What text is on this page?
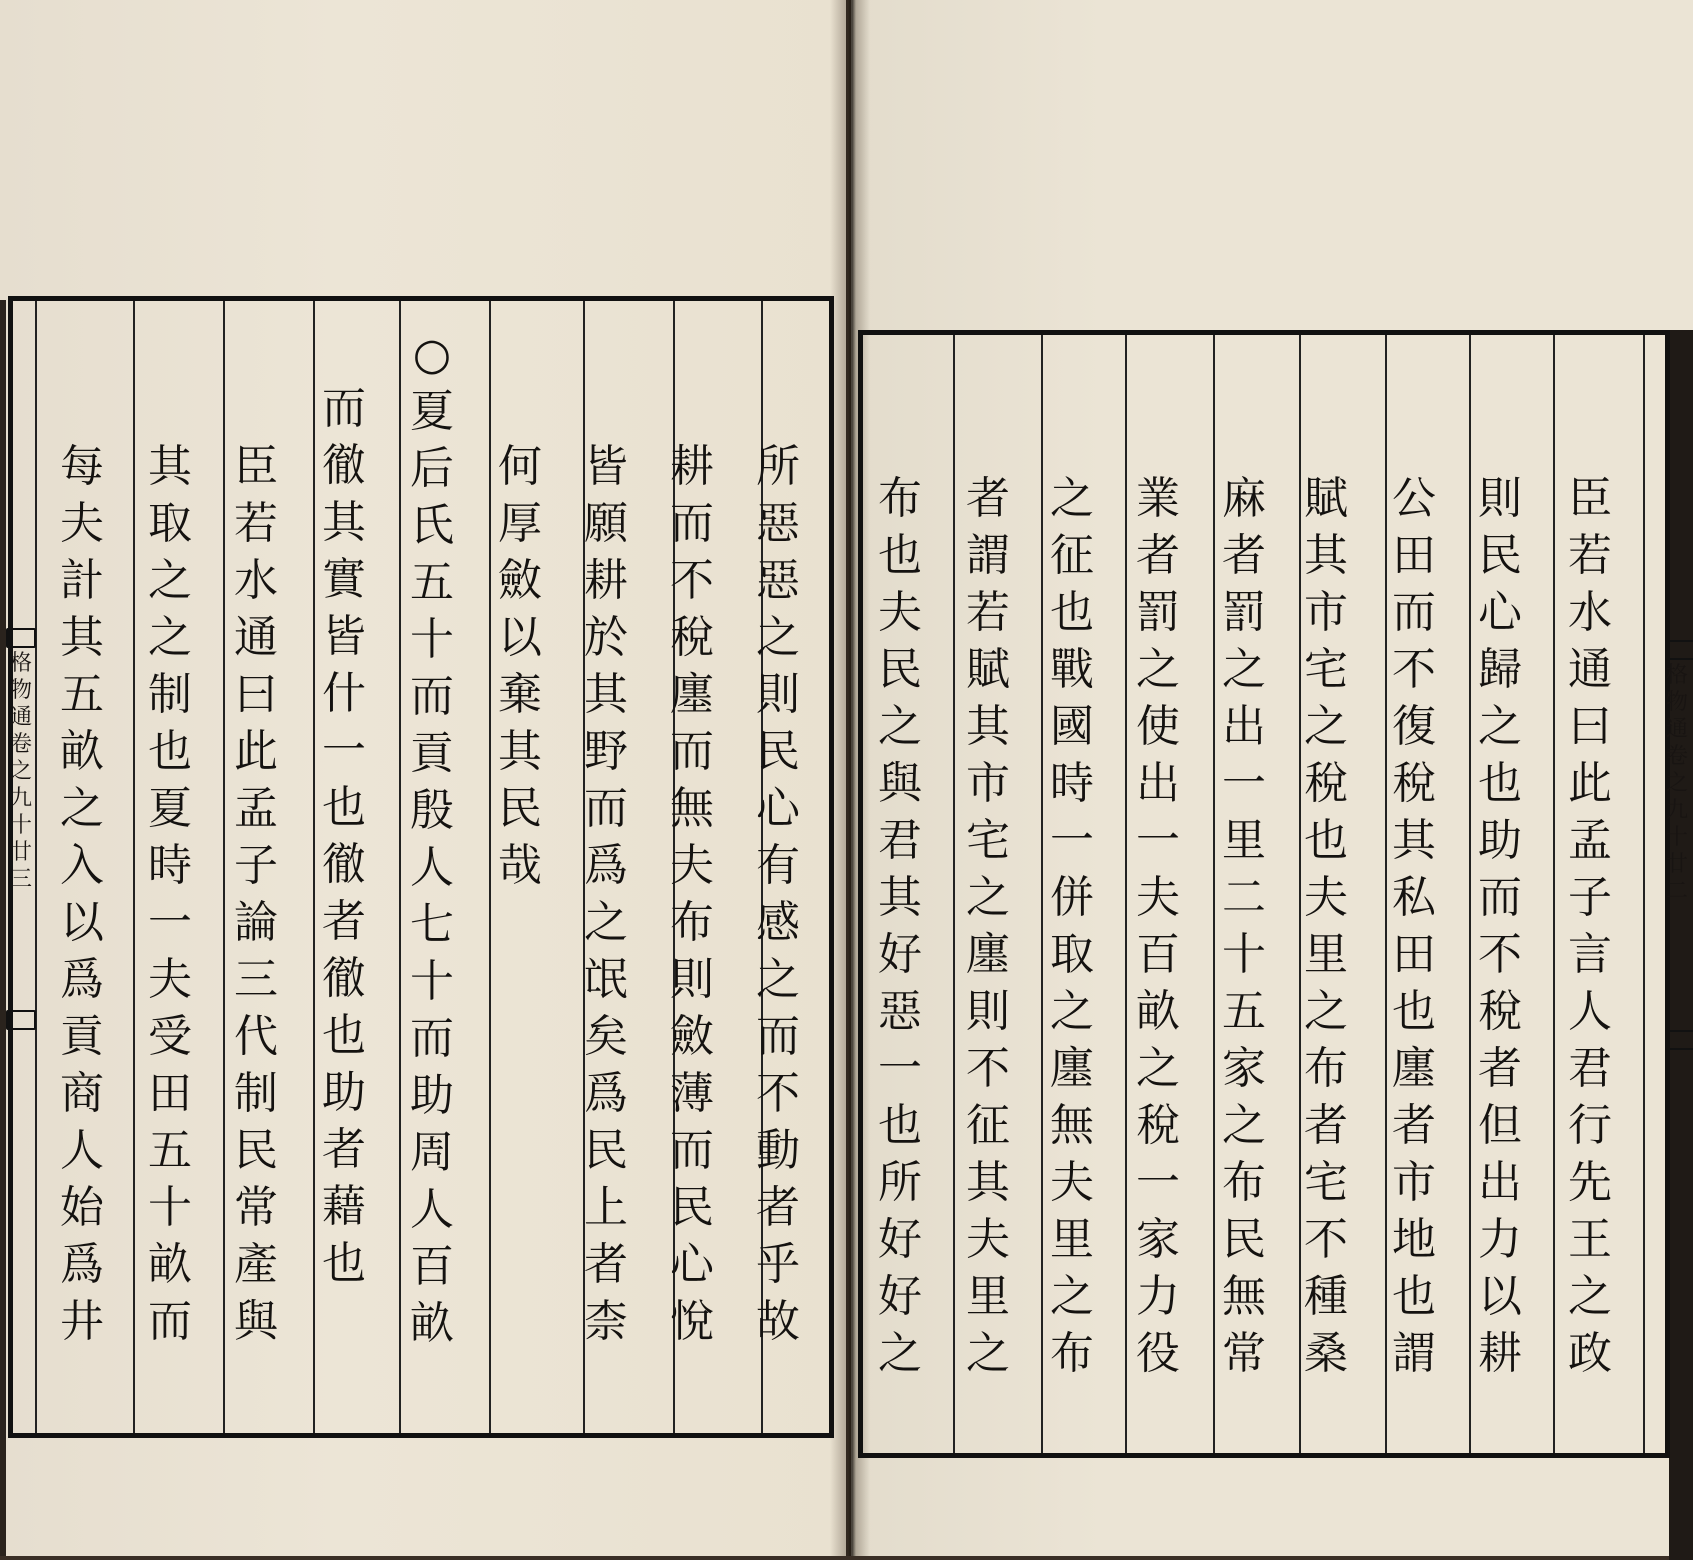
格
物
通
卷
之
九
十
廿
三
格
物
通
卷
之
九
十
廿
二
所
惡
惡
之
則
民
心
有
感
之
而
不
動
者
乎
故
耕
而
不
稅
廛
而
無
夫
布
則
斂
薄
而
民
心
悅
皆
願
耕
於
其
野
而
爲
之
氓
矣
爲
民
上
者
柰
何
厚
斂
以
棄
其
民
哉
○
夏
后
氏
五
十
而
貢
殷
人
七
十
而
助
周
人
百
畝
而
徹
其
實
皆
什
一
也
徹
者
徹
也
助
者
藉
也
臣
若
水
通
曰
此
孟
子
論
三
代
制
民
常
產
與
其
取
之
之
制
也
夏
時
一
夫
受
田
五
十
畝
而
每
夫
計
其
五
畝
之
入
以
爲
貢
商
人
始
爲
井
臣
若
水
通
曰
此
孟
子
言
人
君
行
先
王
之
政
則
民
心
歸
之
也
助
而
不
稅
者
但
出
力
以
耕
公
田
而
不
復
稅
其
私
田
也
廛
者
市
地
也
謂
賦
其
市
宅
之
稅
也
夫
里
之
布
者
宅
不
種
桑
麻
者
罰
之
出
一
里
二
十
五
家
之
布
民
無
常
業
者
罰
之
使
出
一
夫
百
畝
之
稅
一
家
力
役
之
征
也
戰
國
時
一
併
取
之
廛
無
夫
里
之
布
者
謂
若
賦
其
市
宅
之
廛
則
不
征
其
夫
里
之
布
也
夫
民
之
與
君
其
好
惡
一
也
所
好
好
之
